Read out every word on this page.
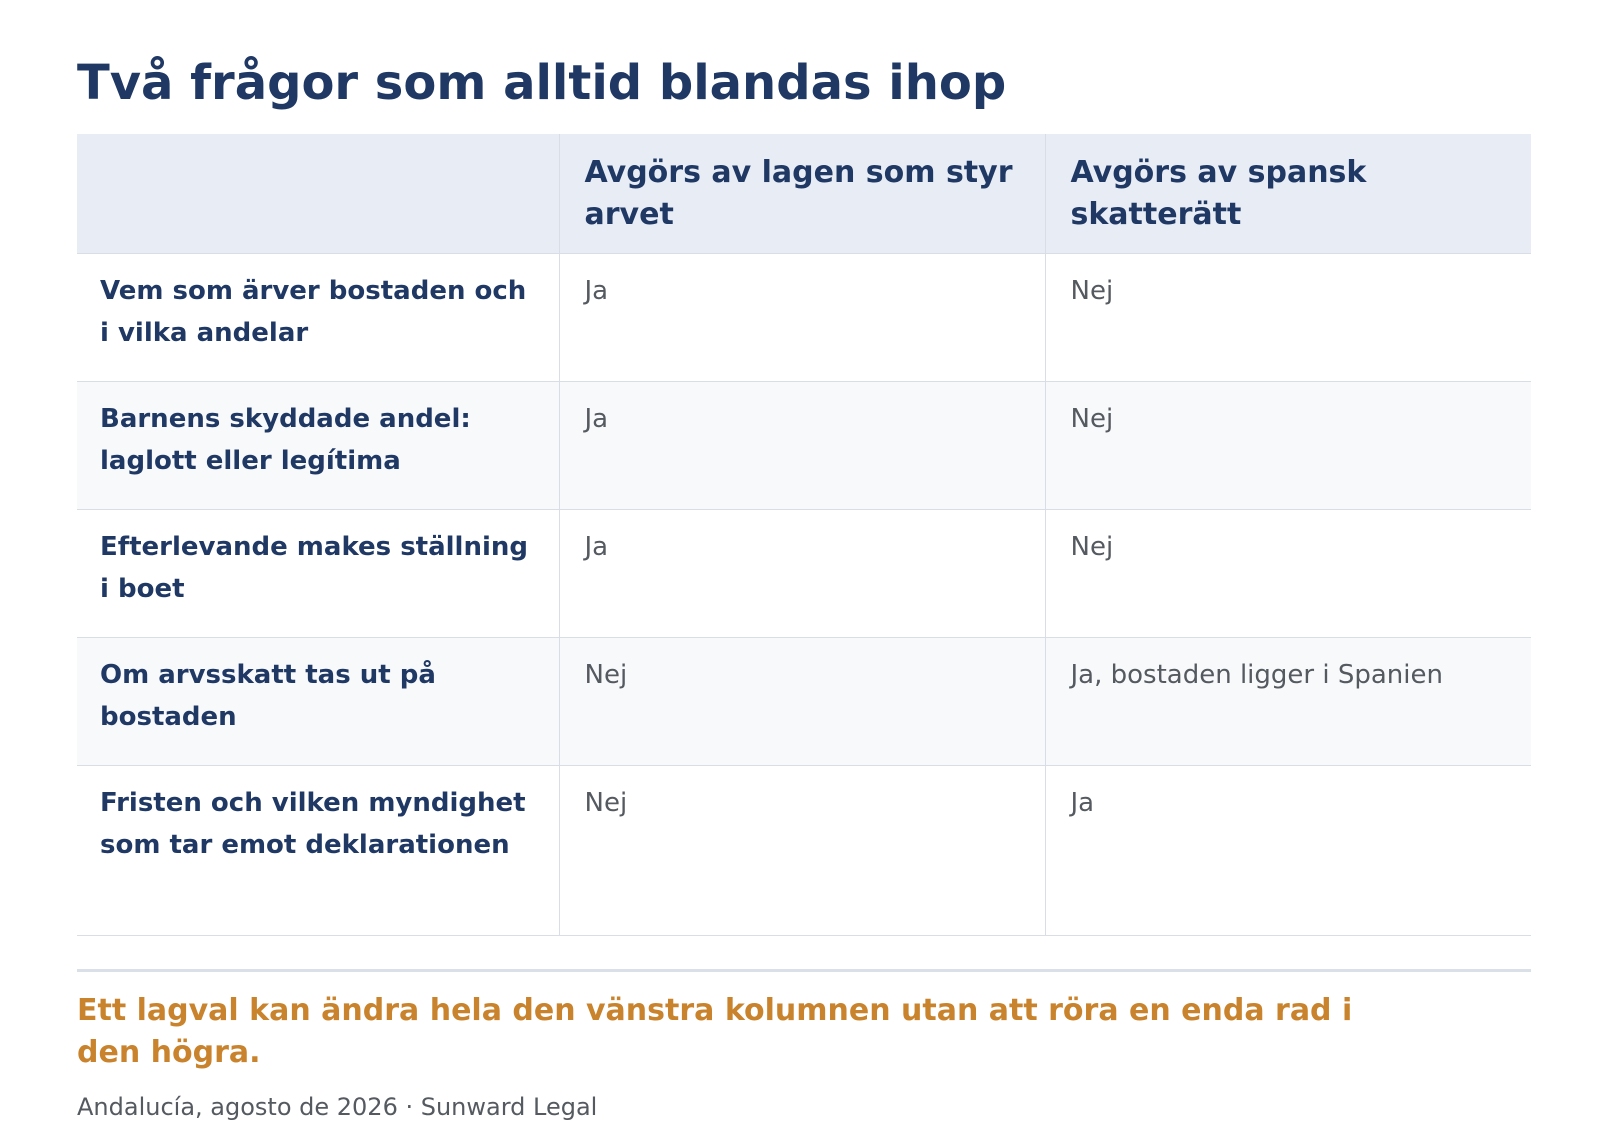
Två frågor som alltid blandas ihop
	Avgörs av lagen som styr arvet	Avgörs av spansk skatterätt
Vem som ärver bostaden och i vilka andelar	Ja	Nej
Barnens skyddade andel: laglott eller legítima	Ja	Nej
Efterlevande makes ställning i boet	Ja	Nej
Om arvsskatt tas ut på bostaden	Nej	Ja, bostaden ligger i Spanien
Fristen och vilken myndighet som tar emot deklarationen	Nej	Ja

Ett lagval kan ändra hela den vänstra kolumnen utan att röra en enda rad i den högra.

Andalucía, agosto de 2026 · Sunward Legal
